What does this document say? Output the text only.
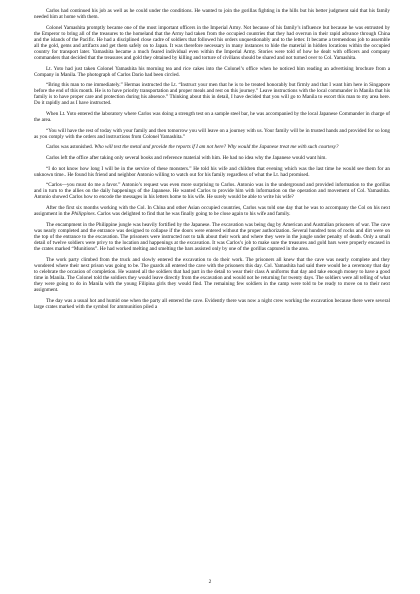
Carlos had continued his job as well as he could under the conditions. He wanted to join the gorillas fighting in the hills but his better judgment said that his family needed him at home with them.

Colonel Yamashita promptly became one of the most important officers in the Imperial Army. Not because of his family’s influence but because he was entrusted by the Emperor to bring all of the treasures to the homeland that the Army had taken from the occupied countries that they had overrun in their rapid advance through China and the islands of the Pacific. He had a disciplined close cadre of soldiers that followed his orders unquestionably and to the letter. It became a tremendous job to assemble all the gold, gems and artifacts and get them safely on to Japan. It was therefore necessary in many instances to hide the material in hidden locations within the occupied country for transport later. Yamashita became a much feared individual even within the Imperial Army. Stories were told of how he dealt with officers and company commanders that decided that the treasures and gold they obtained by killing and torture of civilians should be shared and not turned over to Col. Yamashita.

Lt. Yoto had just taken Colonel Yamashita his morning tea and rice cakes into the Colonel’s office when he noticed him reading an advertising brochure from a Company in Manila. The photograph of Carlos Dario had been circled.

“Bring this man to me immediately.” Hermas instructed the Lt. “Instruct your men that he is to be treated honorably but firmly and that I want him here in Singapore before the end of this month. He is to have priority transportation and proper meals and rest on this journey.” Leave instructions with the local commander in Manila that his family is to have proper care and protection during his absence.” Thinking about this in detail, I have decided that you will go to Manila to escort this man to my area here. Do it rapidly and as I have instructed.

When Lt. Yoto entered the laboratory where Carlos was doing a strength test on a sample steel bar, he was accompanied by the local Japanese Commander in charge of the area.

“You will have the rest of today with your family and then tomorrow you will leave on a journey with us. Your family will be in trusted hands and provided for so long as you comply with the orders and instructions from Colonel Yamashita.”

Carlos was astonished. Who will test the metal and provide the reports if I am not here? Why would the Japanese treat me with such courtesy?

Carlos left the office after taking only several books and reference material with him. He had no idea why the Japanese would want him.

“I do not know how long I will be in the service of these monsters.” He told his wife and children that evening which was the last time he would see them for an unknown time.. He found his friend and neighbor Antonio willing to watch out for his family regardless of what the Lt. had promised.

“Carlos—you must do me a favor.” Antonio’s request was even more surprising to Carlos. Antonio was in the underground and provided information to the gorillas and in turn to the allies on the daily happenings of the Japanese. He wanted Carlos to provide him with information on the operation and movement of Col. Yamashita. Antonio showed Carlos how to encode the messages in his letters home to his wife. He surely would be able to write his wife?

After the first six months working with the Col. In China and other Asian occupied countries, Carlos was told one day that he was to accompany the Col on his next assignment in the Philippines. Carlos was delighted to find that he was finally going to be close again to his wife and family.

The encampment in the Philippine jungle was heavily fortified by the Japanese. The excavation was being dug by American and Australian prisoners of war. The cave was nearly completed and the entrance was designed to collapse if the doors were entered without the proper authorization. Several hundred tons of rocks and dirt were on the top of the entrance to the excavation. The prisoners were instructed not to talk about their work and where they were in the jungle under penalty of death. Only a small detail of twelve soldiers were privy to the location and happenings at the excavation. It was Carlos’s job to make sure the treasures and gold bars were properly encased in the crates marked “Munitions”. He had worked melting and smelting the bars assisted only by one of the gorillas captured in the area.

The work party climbed from the truck and slowly entered the excavation to do their work. The prisoners all knew that the cave was nearly complete and they wondered where their next prison was going to be. The guards all entered the cave with the prisoners this day. Col. Yamashita had said there would be a ceremony that day to celebrate the occasion of completion. He wanted all the soldiers that had part in the detail to wear their class A uniforms that day and take enough money to have a good time in Manila. The Colonel told the soldiers they would leave directly from the excavation and would not be returning for twenty days. The soldiers were all telling of what they were going to do in Manila with the young Filipina girls they would find. The remaining few soldiers in the camp were told to be ready to move on to their next assignment.

The day was a usual hot and humid one when the party all entered the cave. Evidently there was now a night crew working the excavation because there were several large crates marked with the symbol for ammunition piled a

2
